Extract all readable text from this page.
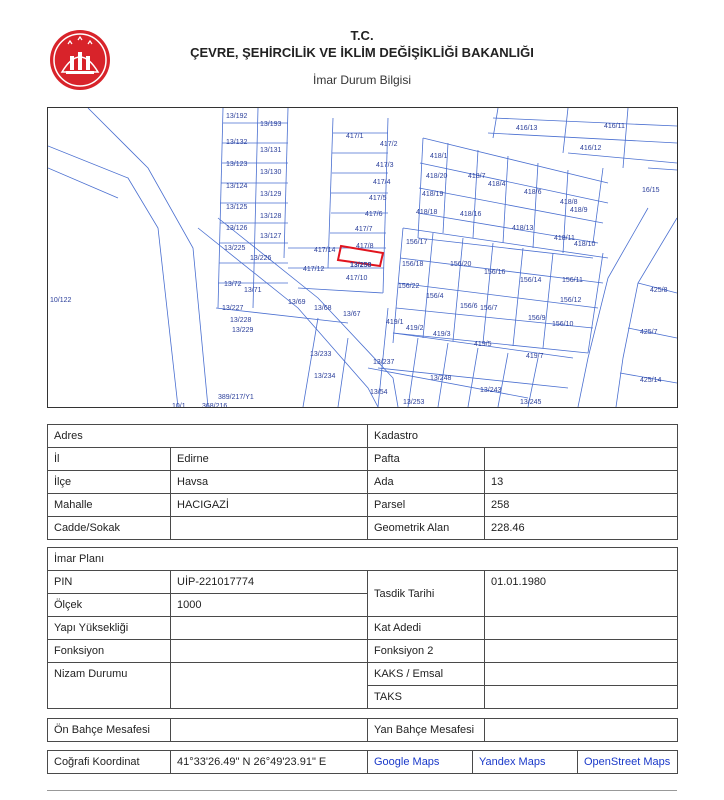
T.C.
ÇEVRE, ŞEHİRCİLİK VE İKLİM DEĞİŞİKLİĞİ BAKANLIĞI
İmar Durum Bilgisi
13/192
13/193
13/132
13/131
13/123
13/130
13/124
13/129
13/125
13/128
13/126
13/127
13/225
13/226
13/72
13/71
13/227
13/228
13/229
13/69
13/68
13/67
13/233
13/234
13/237
13/54
13/253
13/248
13/243
13/245
389/217/Y1
10/122
417/1
417/2
417/3
417/4
417/5
417/6
417/7
417/8
417/14
417/12
417/10
13/258
418/1
418/20	418/7
418/4
418/19
418/18	418/16
418/6
418/8
418/9
418/13
418/11
418/10
416/13	416/11
416/12
16/15
156/17
156/18	156/20
156/16
156/22
156/4
156/6 156/7
156/14	156/11
156/12
156/9
156/10
425/8
425/7
425/14
419/1
419/2
419/3
419/5
419/7
10/1 368/216
Adres		Kadastro	
İl	Edirne	Pafta	
İlçe	Havsa	Ada	13
Mahalle	HACIGAZİ	Parsel	258
Cadde/Sokak		Geometrik Alan	228.46
İmar Planı			
PIN	UİP-221017774	Tasdik Tarihi	01.01.1980
Ölçek	1000		
Yapı Yüksekliği		Kat Adedi	
Fonksiyon		Fonksiyon 2	
Nizam Durumu		KAKS / Emsal	
		TAKS	
Ön Bahçe Mesafesi		Yan Bahçe Mesafesi	
Coğrafi Koordinat	41°33'26.49" N 26°49'23.91" E	Google Maps	Yandex Maps	OpenStreet Maps
